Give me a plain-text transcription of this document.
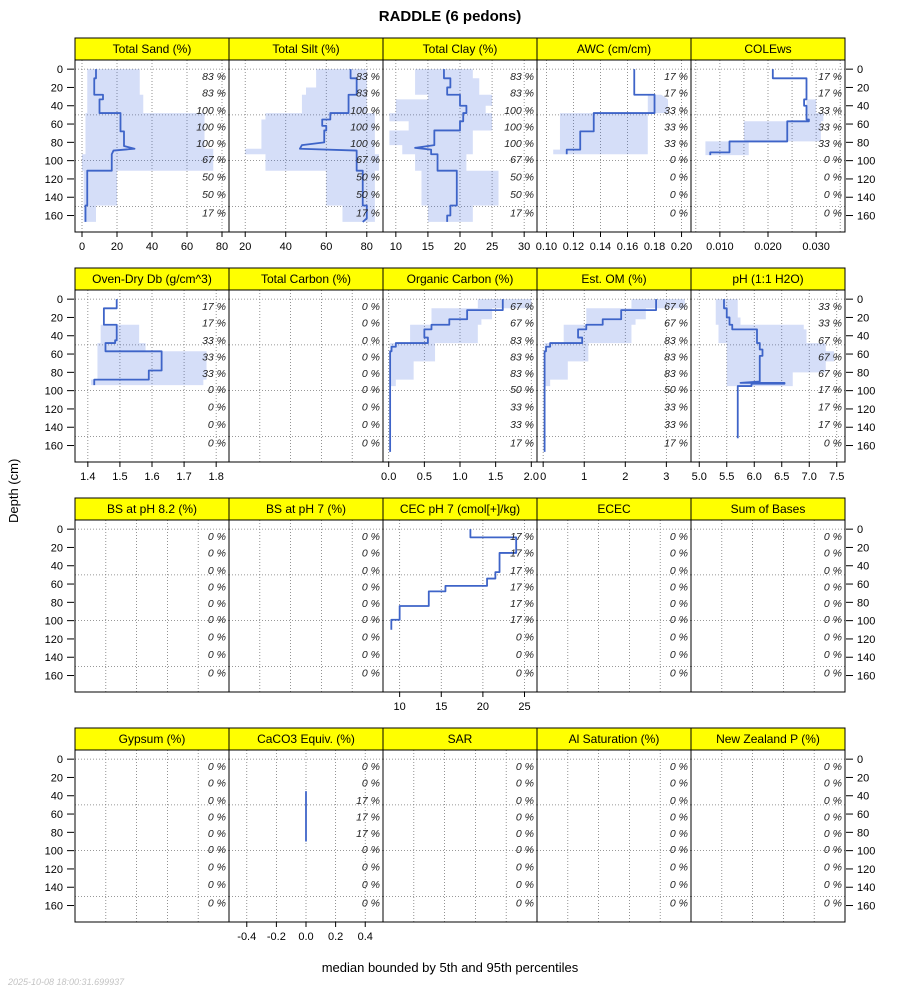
RADDLE (6 pedons)
Depth (cm)
83 %
83 %
100 %
100 %
100 %
67 %
50 %
50 %
17 %
Total Sand (%)
0 20 40 60 80
83 %
83 %
100 %
100 %
100 %
67 %
50 %
50 %
17 %
Total Silt (%)
20	40	60	80
83 %
83 %
100 %
100 %
100 %
67 %
50 %
50 %
17 %
Total Clay (%)
10 15 20 25 30
17 %
17 %
33 %
33 %
33 %
0 %
0 %
0 %
0 %
AWC (cm/cm)
0.10 0.12 0.14 0.16 0.18 0.20
17 %
17 %
33 %
33 %
33 %
0 %
0 %
0 %
0 %
COLEws
0.010 0.020 0.030
17 %
17 %
33 %
33 %
33 %
0 %
0 %
0 %
0 %
Oven-Dry Db (g/cm^3)
1.4 1.5 1.6 1.7 1.8
0 %
0 %
0 %
0 %
0 %
0 %
0 %
0 %
0 %
Total Carbon (%)
67 %
67 %
83 %
83 %
83 %
50 %
33 %
33 %
17 %
Organic Carbon (%)
0.0 0.5 1.0 1.5 2.0
67 %
67 %
83 %
83 %
83 %
50 %
33 %
33 %
17 %
Est. OM (%)
0	1	2	3
33 %
33 %
67 %
67 %
67 %
17 %
17 %
17 %
0 %
pH (1:1 H2O)
5.0 5.5 6.0 6.5 7.0 7.5
0 %
0 %
0 %
0 %
0 %
0 %
0 %
0 %
0 %
BS at pH 8.2 (%)
0 %
0 %
0 %
0 %
0 %
0 %
0 %
0 %
0 %
BS at pH 7 (%)
17 %
17 %
17 %
17 %
17 %
17 %
0 %
0 %
0 %
CEC pH 7 (cmol[+]/kg)
10	15	20	25
0 %
0 %
0 %
0 %
0 %
0 %
0 %
0 %
0 %
ECEC
0 %
0 %
0 %
0 %
0 %
0 %
0 %
0 %
0 %
Sum of Bases
0 %
0 %
0 %
0 %
0 %
0 %
0 %
0 %
0 %
Gypsum (%)
0 %
0 %
17 %
17 %
17 %
0 %
0 %
0 %
0 %
CaCO3 Equiv. (%)
-0.4 -0.2 0.0 0.2 0.4
0 %
0 %
0 %
0 %
0 %
0 %
0 %
0 %
0 %
SAR
0 %
0 %
0 %
0 %
0 %
0 %
0 %
0 %
0 %
Al Saturation (%)
0 %
0 %
0 %
0 %
0 %
0 %
0 %
0 %
0 %
New Zealand P (%)
0	0
20	20
40	40
60	60
80	80
100	100
120	120
140	140
160	160
0	0
20	20
40	40
60	60
80	80
100	100
120	120
140	140
160	160
0	0
20	20
40	40
60	60
80	80
100	100
120	120
140	140
160	160
0	0
20	20
40	40
60	60
80	80
100	100
120	120
140	140
160	160
median bounded by 5th and 95th percentiles
2025-10-08 18:00:31.699937
